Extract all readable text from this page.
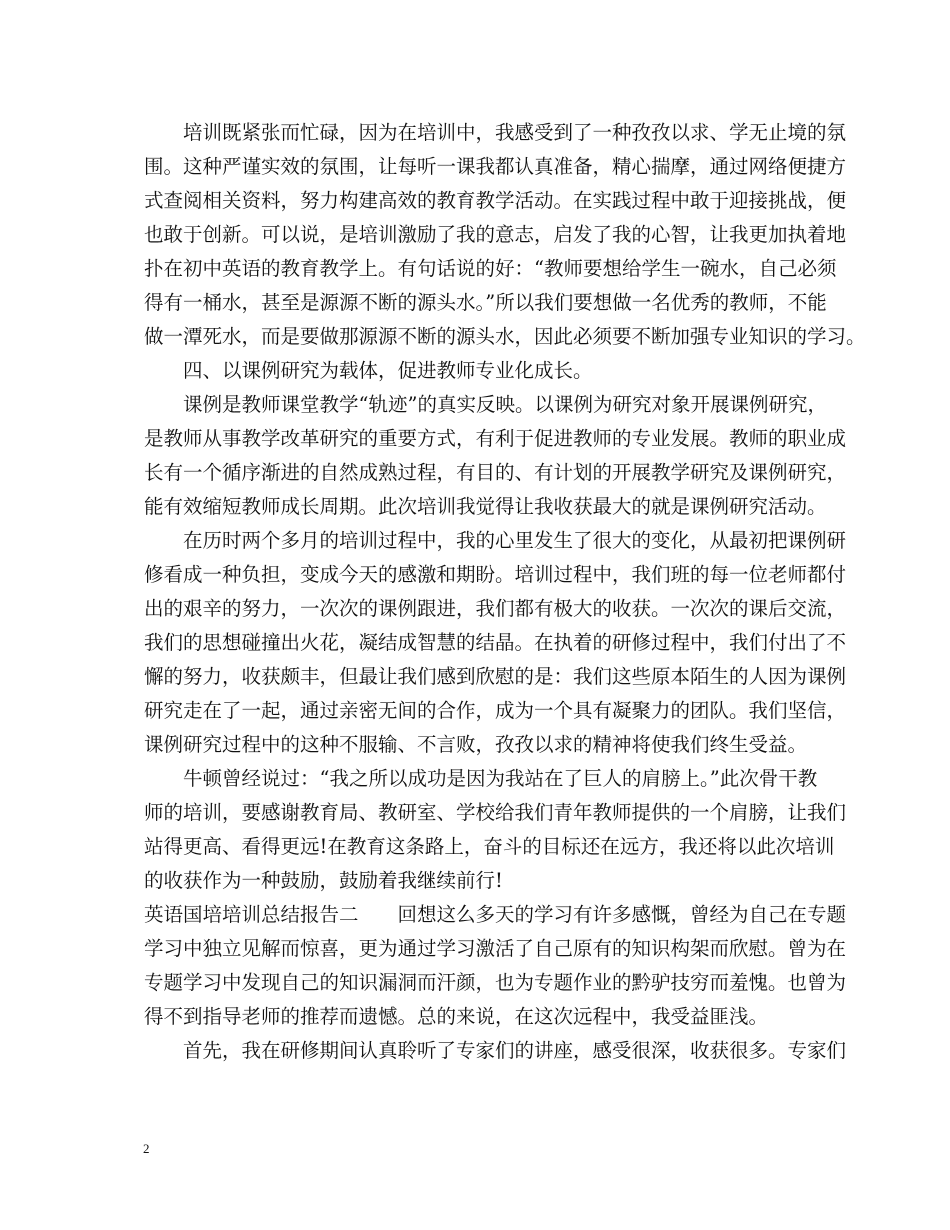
培训既紧张而忙碌，因为在培训中，我感受到了一种孜孜以求、学无止境的氛
围。这种严谨实效的氛围，让每听一课我都认真准备，精心揣摩，通过网络便捷方
式查阅相关资料，努力构建高效的教育教学活动。在实践过程中敢于迎接挑战，便
也敢于创新。可以说，是培训激励了我的意志，启发了我的心智，让我更加执着地
扑在初中英语的教育教学上。有句话说的好：“教师要想给学生一碗水，自己必须
得有一桶水，甚至是源源不断的源头水。”所以我们要想做一名优秀的教师，不能
做一潭死水，而是要做那源源不断的源头水，因此必须要不断加强专业知识的学习。
四、以课例研究为载体，促进教师专业化成长。
课例是教师课堂教学“轨迹”的真实反映。以课例为研究对象开展课例研究，
是教师从事教学改革研究的重要方式，有利于促进教师的专业发展。教师的职业成
长有一个循序渐进的自然成熟过程，有目的、有计划的开展教学研究及课例研究，
能有效缩短教师成长周期。此次培训我觉得让我收获最大的就是课例研究活动。
在历时两个多月的培训过程中，我的心里发生了很大的变化，从最初把课例研
修看成一种负担，变成今天的感激和期盼。培训过程中，我们班的每一位老师都付
出的艰辛的努力，一次次的课例跟进，我们都有极大的收获。一次次的课后交流，
我们的思想碰撞出火花，凝结成智慧的结晶。在执着的研修过程中，我们付出了不
懈的努力，收获颇丰，但最让我们感到欣慰的是：我们这些原本陌生的人因为课例
研究走在了一起，通过亲密无间的合作，成为一个具有凝聚力的团队。我们坚信，
课例研究过程中的这种不服输、不言败，孜孜以求的精神将使我们终生受益。
牛顿曾经说过：“我之所以成功是因为我站在了巨人的肩膀上。”此次骨干教
师的培训，要感谢教育局、教研室、学校给我们青年教师提供的一个肩膀，让我们
站得更高、看得更远!在教育这条路上，奋斗的目标还在远方，我还将以此次培训
的收获作为一种鼓励，鼓励着我继续前行!
英语国培培训总结报告二　　回想这么多天的学习有许多感慨，曾经为自己在专题
学习中独立见解而惊喜，更为通过学习激活了自己原有的知识构架而欣慰。曾为在
专题学习中发现自己的知识漏洞而汗颜，也为专题作业的黔驴技穷而羞愧。也曾为
得不到指导老师的推荐而遗憾。总的来说，在这次远程中，我受益匪浅。
首先，我在研修期间认真聆听了专家们的讲座，感受很深，收获很多。专家们
2
